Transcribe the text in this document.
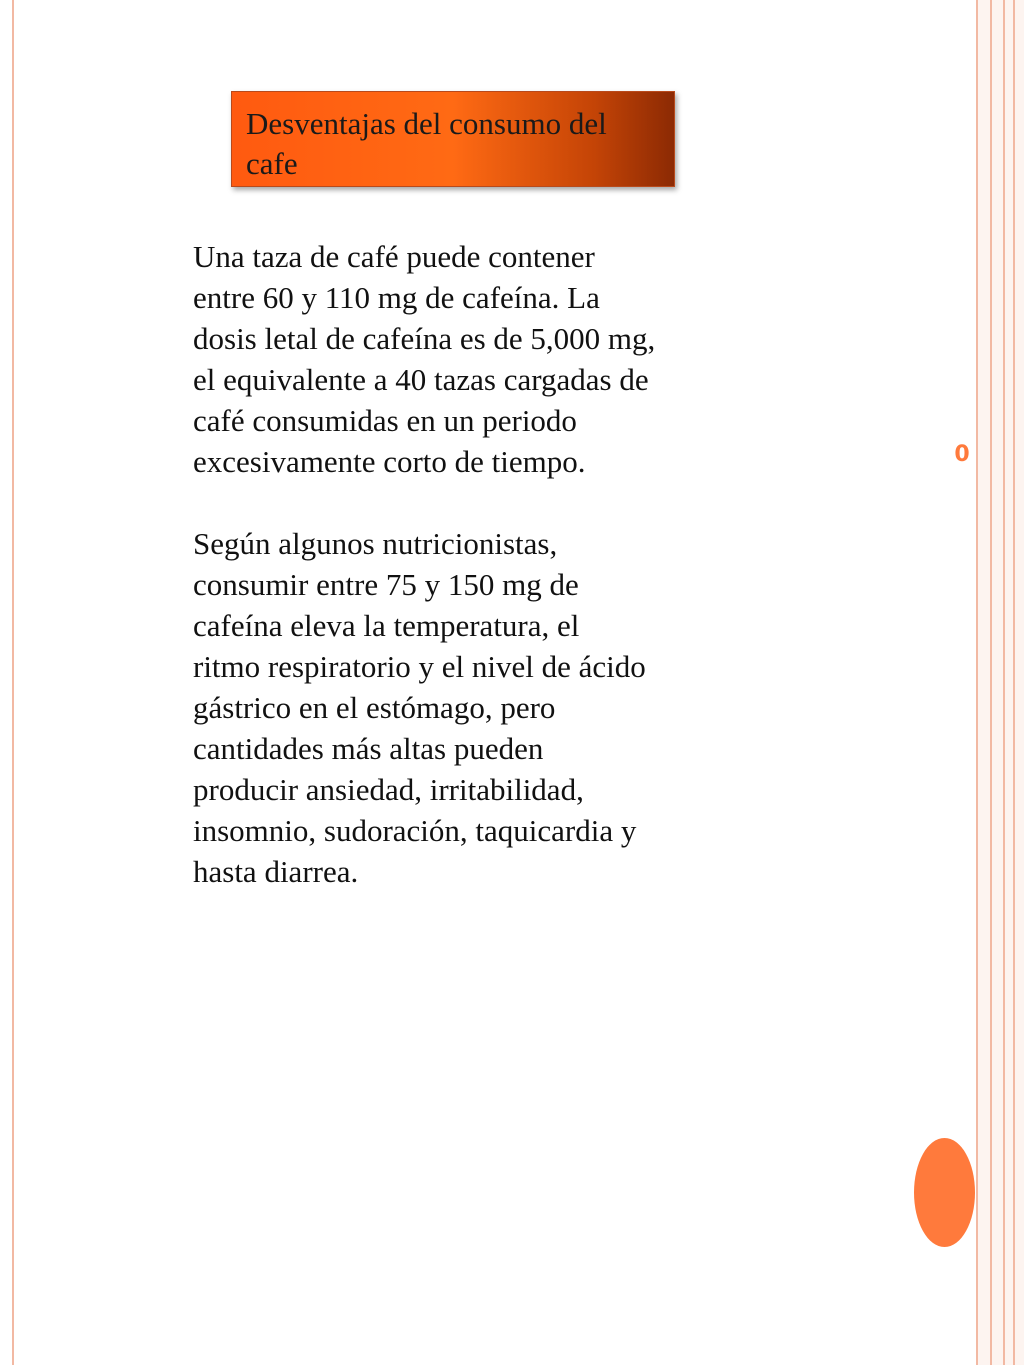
Desventajas del consumo del cafe

Una taza de café puede contener
entre 60 y 110 mg de cafeína. La
dosis letal de cafeína es de 5,000 mg,
el equivalente a 40 tazas cargadas de
café consumidas en un periodo
excesivamente corto de tiempo.

Según algunos nutricionistas,
consumir entre 75 y 150 mg de
cafeína eleva la temperatura, el
ritmo respiratorio y el nivel de ácido
gástrico en el estómago, pero
cantidades más altas pueden
producir ansiedad, irritabilidad,
insomnio, sudoración, taquicardia y
hasta diarrea.

0
